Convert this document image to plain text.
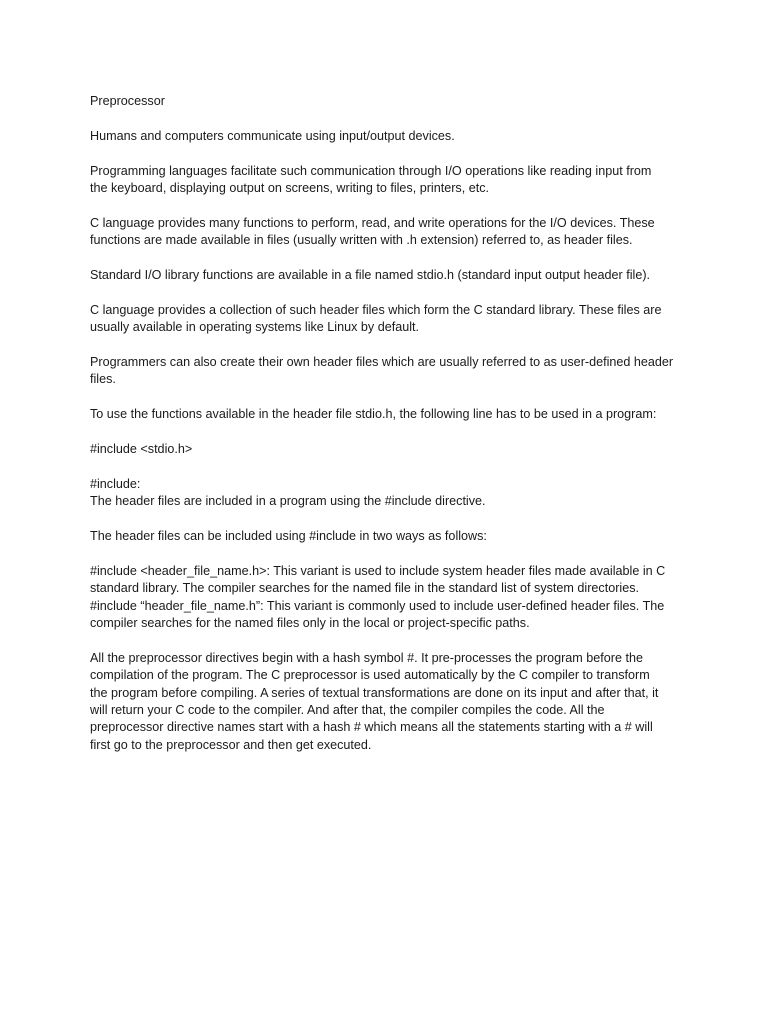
Preprocessor

Humans and computers communicate using input/output devices.

Programming languages facilitate such communication through I/O operations like reading input from
the keyboard, displaying output on screens, writing to files, printers, etc.

C language provides many functions to perform, read, and write operations for the I/O devices. These
functions are made available in files (usually written with .h extension) referred to, as header files.

Standard I/O library functions are available in a file named stdio.h (standard input output header file).

C language provides a collection of such header files which form the C standard library. These files are
usually available in operating systems like Linux by default.

Programmers can also create their own header files which are usually referred to as user-defined header
files.

To use the functions available in the header file stdio.h, the following line has to be used in a program:

#include <stdio.h>

#include:
The header files are included in a program using the #include directive.

The header files can be included using #include in two ways as follows:

#include <header_file_name.h>: This variant is used to include system header files made available in C
standard library. The compiler searches for the named file in the standard list of system directories.
#include “header_file_name.h”: This variant is commonly used to include user-defined header files. The
compiler searches for the named files only in the local or project-specific paths.

All the preprocessor directives begin with a hash symbol #. It pre-processes the program before the
compilation of the program. The C preprocessor is used automatically by the C compiler to transform
the program before compiling. A series of textual transformations are done on its input and after that, it
will return your C code to the compiler. And after that, the compiler compiles the code. All the
preprocessor directive names start with a hash # which means all the statements starting with a # will
first go to the preprocessor and then get executed.
